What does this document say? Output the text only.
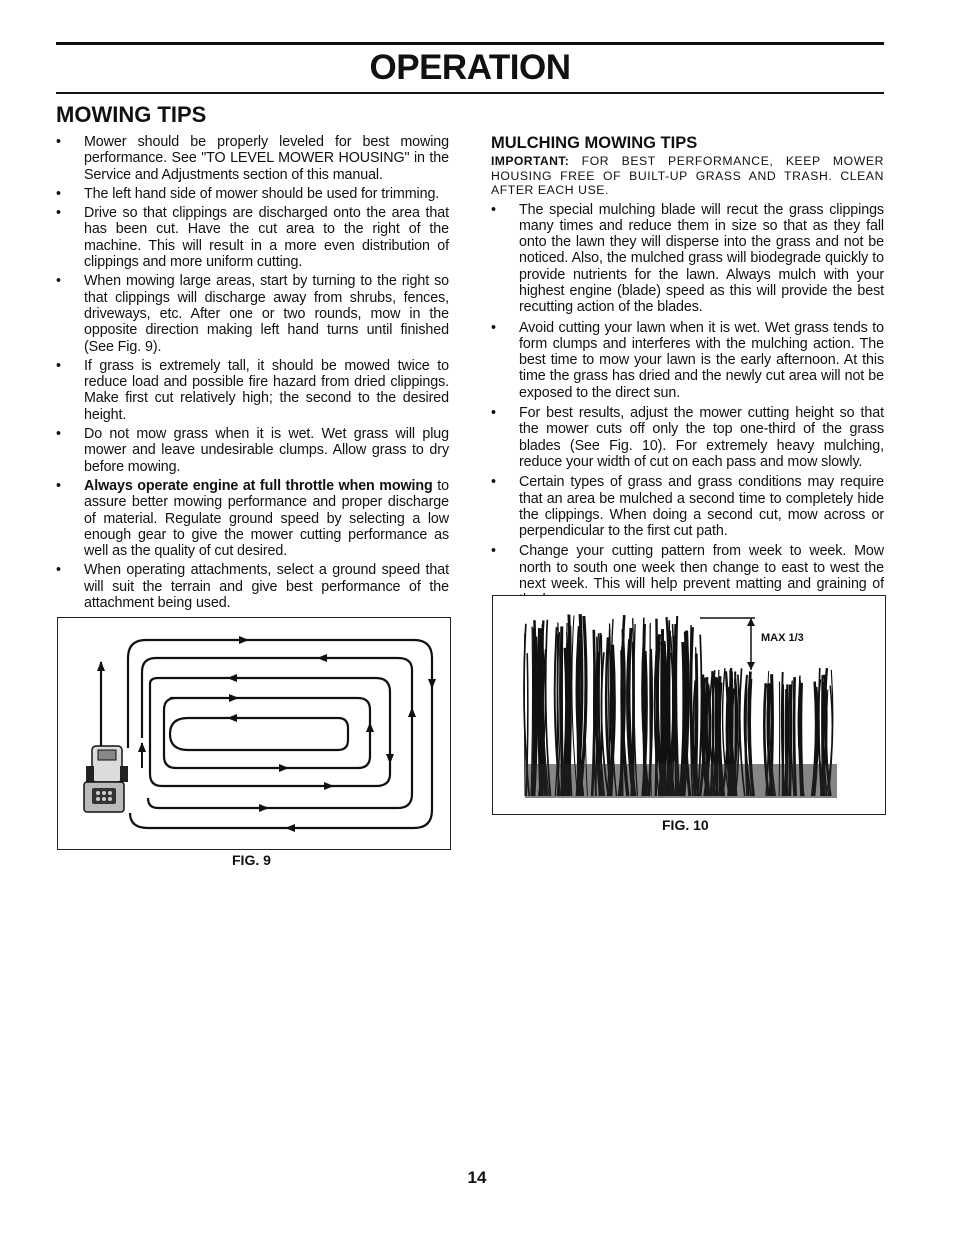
OPERATION
MOWING TIPS
• Mower should be properly leveled for best mowing performance. See "TO LEVEL MOWER HOUSING" in the Service and Adjustments section of this manual.
• The left hand side of mower should be used for trimming.
• Drive so that clippings are discharged onto the area that has been cut. Have the cut area to the right of the machine. This will result in a more even distribution of clippings and more uniform cutting.
• When mowing large areas, start by turning to the right so that clippings will discharge away from shrubs, fences, driveways, etc. After one or two rounds, mow in the opposite direction making left hand turns until finished (See Fig. 9).
• If grass is extremely tall, it should be mowed twice to reduce load and possible fire hazard from dried clippings. Make first cut relatively high; the second to the desired height.
• Do not mow grass when it is wet. Wet grass will plug mower and leave undesirable clumps. Allow grass to dry before mowing.
• Always operate engine at full throttle when mowing to assure better mowing performance and proper discharge of material. Regulate ground speed by selecting a low enough gear to give the mower cutting performance as well as the quality of cut desired.
• When operating attachments, select a ground speed that will suit the terrain and give best performance of the attachment being used.
MULCHING MOWING TIPS

IMPORTANT: FOR BEST PERFORMANCE, KEEP MOWER HOUSING FREE OF BUILT-UP GRASS AND TRASH. CLEAN AFTER EACH USE.

• The special mulching blade will recut the grass clippings many times and reduce them in size so that as they fall onto the lawn they will disperse into the grass and not be noticed. Also, the mulched grass will biodegrade quickly to provide nutrients for the lawn. Always mulch with your highest engine (blade) speed as this will provide the best recutting action of the blades.
• Avoid cutting your lawn when it is wet. Wet grass tends to form clumps and interferes with the mulching action. The best time to mow your lawn is the early afternoon. At this time the grass has dried and the newly cut area will not be exposed to the direct sun.
• For best results, adjust the mower cutting height so that the mower cuts off only the top one-third of the grass blades (See Fig. 10). For extremely heavy mulching, reduce your width of cut on each pass and mow slowly.
• Certain types of grass and grass conditions may require that an area be mulched a second time to completely hide the clippings. When doing a second cut, mow across or perpendicular to the first cut path.
• Change your cutting pattern from week to week. Mow north to south one week then change to east to west the next week. This will help prevent matting and graining of
FIG. 9
MAX 1/3
FIG. 10
14
